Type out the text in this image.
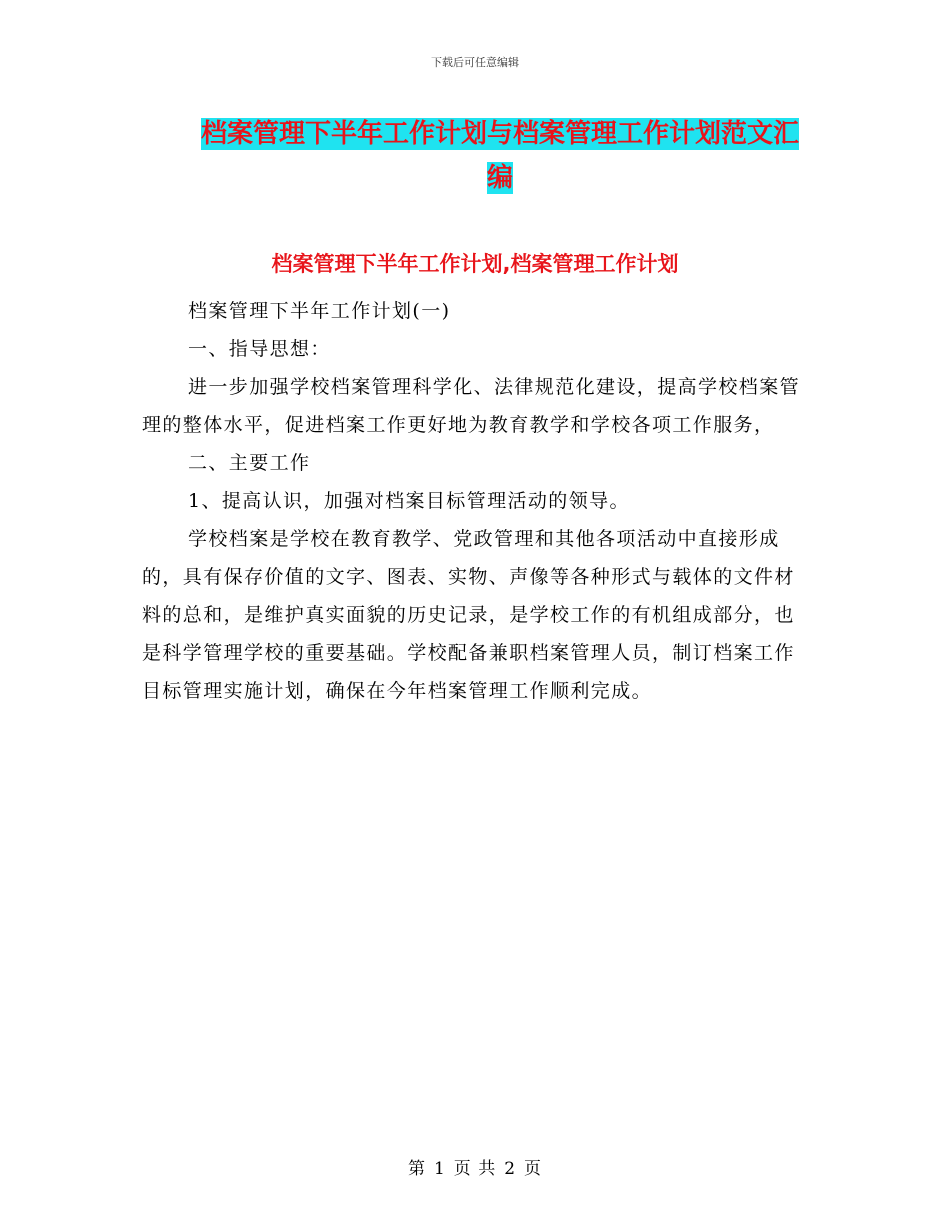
下载后可任意编辑
档案管理下半年工作计划与档案管理工作计划范文汇编
档案管理下半年工作计划,档案管理工作计划

档案管理下半年工作计划(一)

一、指导思想：

进一步加强学校档案管理科学化、法律规范化建设，提高学校档案管理的整体水平，促进档案工作更好地为教育教学和学校各项工作服务，

二、主要工作

1、提高认识，加强对档案目标管理活动的领导。

学校档案是学校在教育教学、党政管理和其他各项活动中直接形成的，具有保存价值的文字、图表、实物、声像等各种形式与载体的文件材料的总和，是维护真实面貌的历史记录，是学校工作的有机组成部分，也是科学管理学校的重要基础。学校配备兼职档案管理人员，制订档案工作目标管理实施计划，确保在今年档案管理工作顺利完成。

第 1 页 共 2 页
